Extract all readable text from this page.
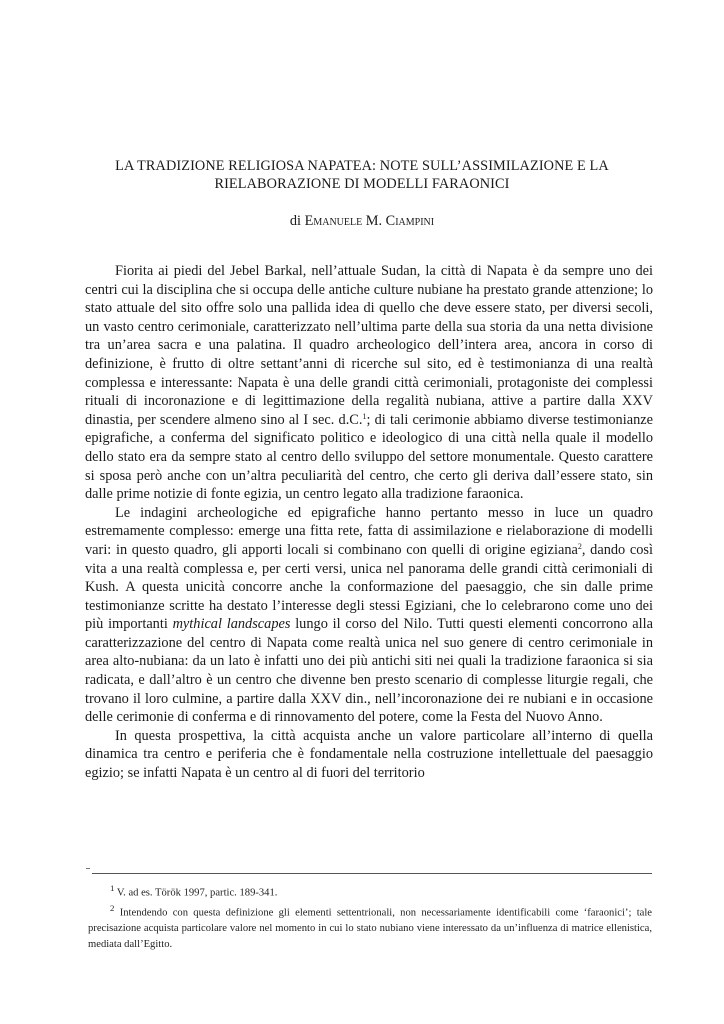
LA TRADIZIONE RELIGIOSA NAPATEA: NOTE SULL’ASSIMILAZIONE E LA
RIELABORAZIONE DI MODELLI FARAONICI

di Emanuele M. Ciampini

Fiorita ai piedi del Jebel Barkal, nell’attuale Sudan, la città di Napata è da sempre uno dei centri cui la disciplina che si occupa delle antiche culture nubiane ha prestato grande attenzione; lo stato attuale del sito offre solo una pallida idea di quello che deve essere stato, per diversi secoli, un vasto centro cerimoniale, caratterizzato nell’ultima parte della sua storia da una netta divisione tra un’area sacra e una palatina. Il quadro archeologico dell’intera area, ancora in corso di definizione, è frutto di oltre settant’anni di ricerche sul sito, ed è testimonianza di una realtà complessa e interessante: Napata è una delle grandi città cerimoniali, protagoniste dei complessi rituali di incoronazione e di legittimazione della regalità nubiana, attive a partire dalla XXV dinastia, per scendere almeno sino al I sec. d.C.$^1$; di tali cerimonie abbiamo diverse testimonianze epigrafiche, a conferma del significato politico e ideologico di una città nella quale il modello dello stato era da sempre stato al centro dello sviluppo del settore monumentale. Questo carattere si sposa però anche con un’altra peculiarità del centro, che certo gli deriva dall’essere stato, sin dalle prime notizie di fonte egizia, un centro legato alla tradizione faraonica.

Le indagini archeologiche ed epigrafiche hanno pertanto messo in luce un quadro estremamente complesso: emerge una fitta rete, fatta di assimilazione e rielaborazione di modelli vari: in questo quadro, gli apporti locali si combinano con quelli di origine egiziana$^2$, dando così vita a una realtà complessa e, per certi versi, unica nel panorama delle grandi città cerimoniali di Kush. A questa unicità concorre anche la conformazione del paesaggio, che sin dalle prime testimonianze scritte ha destato l’interesse degli stessi Egiziani, che lo celebrarono come uno dei più importanti mythical landscapes lungo il corso del Nilo. Tutti questi elementi concorrono alla caratterizzazione del centro di Napata come realtà unica nel suo genere di centro cerimoniale in area alto-nubiana: da un lato è infatti uno dei più antichi siti nei quali la tradizione faraonica si sia radicata, e dall’altro è un centro che divenne ben presto scenario di complesse liturgie regali, che trovano il loro culmine, a partire dalla XXV din., nell’incoronazione dei re nubiani e in occasione delle cerimonie di conferma e di rinnovamento del potere, come la Festa del Nuovo Anno.

In questa prospettiva, la città acquista anche un valore particolare all’interno di quella dinamica tra centro e periferia che è fondamentale nella costruzione intellettuale del paesaggio egizio; se infatti Napata è un centro al di fuori del territorio

$^1$ V. ad es. Török 1997, partic. 189-341.

$^2$ Intendendo con questa definizione gli elementi settentrionali, non necessariamente identificabili come ‘faraonici’; tale precisazione acquista particolare valore nel momento in cui lo stato nubiano viene interessato da un’influenza di matrice ellenistica, mediata dall’Egitto.
